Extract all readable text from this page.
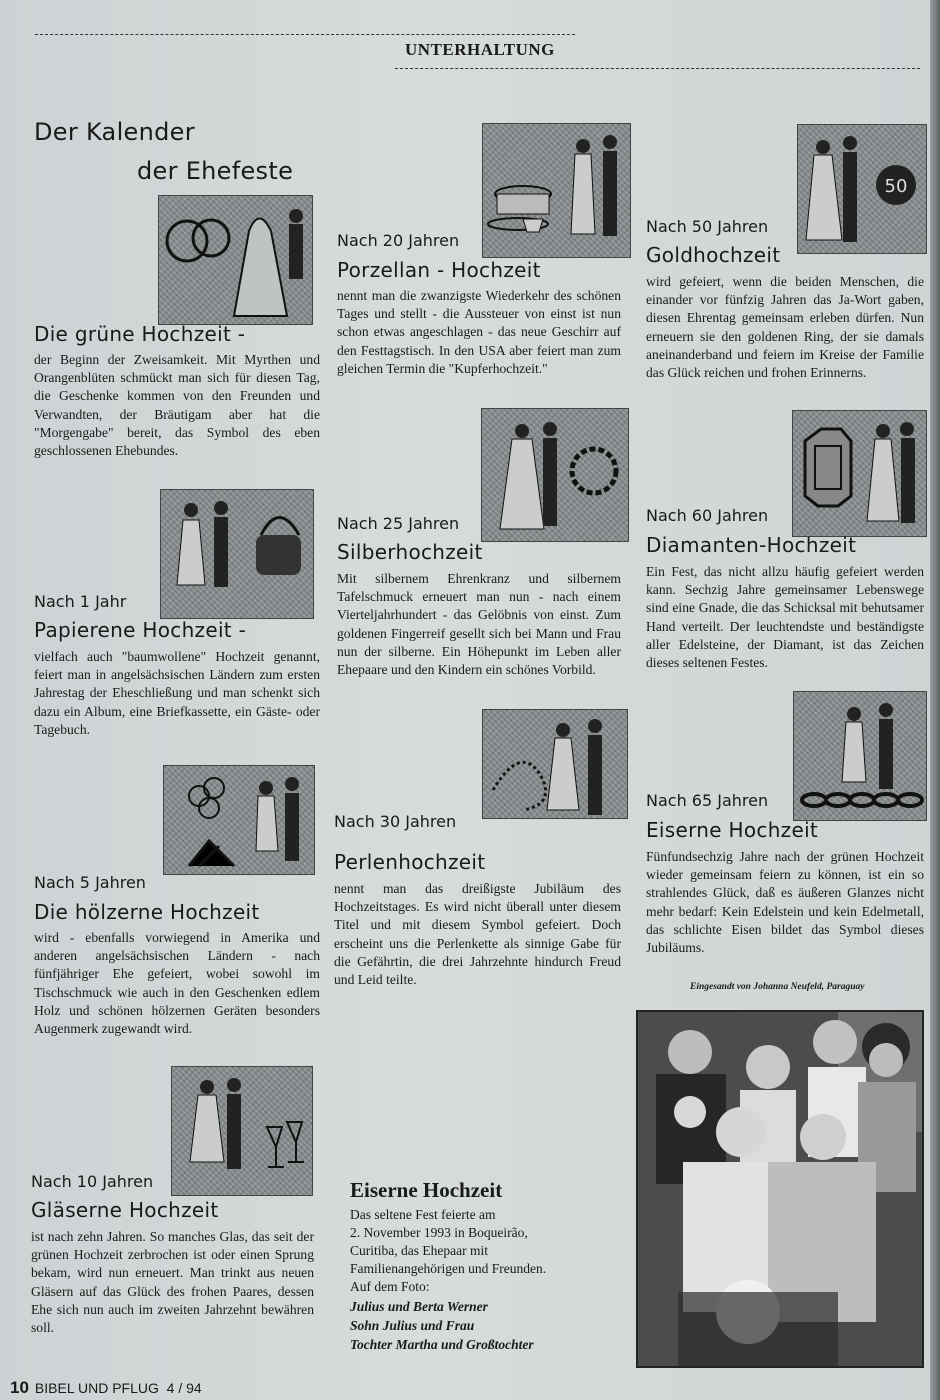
UNTERHALTUNG
Der Kalender
der Ehefeste
Die grüne Hochzeit -

der Beginn der Zweisamkeit. Mit Myrthen und Orangenblüten schmückt man sich für diesen Tag, die Geschenke kommen von den Freunden und Verwandten, der Bräutigam aber hat die "Morgengabe" bereit, das Symbol des eben geschlossenen Ehebundes.

Nach 1 Jahr
Papierene Hochzeit -

vielfach auch "baumwollene" Hochzeit genannt, feiert man in angelsächsischen Ländern zum ersten Jahrestag der Eheschließung und man schenkt sich dazu ein Album, eine Briefkassette, ein Gäste- oder Tagebuch.

Nach 5 Jahren
Die hölzerne Hochzeit

wird - ebenfalls vorwiegend in Amerika und anderen angelsächsischen Ländern - nach fünfjähriger Ehe gefeiert, wobei sowohl im Tischschmuck wie auch in den Geschenken edlem Holz und schönen hölzernen Geräten besonders Augenmerk zugewandt wird.

Nach 10 Jahren
Gläserne Hochzeit

ist nach zehn Jahren. So manches Glas, das seit der grünen Hochzeit zerbrochen ist oder einen Sprung bekam, wird nun erneuert. Man trinkt aus neuen Gläsern auf das Glück des frohen Paares, dessen Ehe sich nun auch im zweiten Jahrzehnt bewähren soll.

Nach 20 Jahren
Porzellan - Hochzeit

nennt man die zwanzigste Wiederkehr des schönen Tages und stellt - die Aussteuer von einst ist nun schon etwas angeschlagen - das neue Geschirr auf den Festtagstisch. In den USA aber feiert man zum gleichen Termin die "Kupferhochzeit."

Nach 25 Jahren
Silberhochzeit

Mit silbernem Ehrenkranz und silbernem Tafelschmuck erneuert man nun - nach einem Vierteljahrhundert - das Gelöbnis von einst. Zum goldenen Fingerreif gesellt sich bei Mann und Frau nun der silberne. Ein Höhepunkt im Leben aller Ehepaare und den Kindern ein schönes Vorbild.

Nach 30 Jahren
Perlenhochzeit

nennt man das dreißigste Jubiläum des Hochzeitstages. Es wird nicht überall unter diesem Titel und mit diesem Symbol gefeiert. Doch erscheint uns die Perlenkette als sinnige Gabe für die Gefährtin, die drei Jahrzehnte hindurch Freud und Leid teilte.

Eiserne Hochzeit
Das seltene Fest feierte am
2. November 1993 in Boqueirão,
Curitiba, das Ehepaar mit
Familienangehörigen und Freunden.
Auf dem Foto:
Julius und Berta Werner
Sohn Julius und Frau
Tochter Martha und Großtochter
50
Nach 50 Jahren
Goldhochzeit

wird gefeiert, wenn die beiden Menschen, die einander vor fünfzig Jahren das Ja-Wort gaben, diesen Ehrentag gemeinsam erleben dürfen. Nun erneuern sie den goldenen Ring, der sie damals aneinanderband und feiern im Kreise der Familie das Glück reichen und frohen Erinnerns.

Nach 60 Jahren
Diamanten-Hochzeit

Ein Fest, das nicht allzu häufig gefeiert werden kann. Sechzig Jahre gemeinsamer Lebenswege sind eine Gnade, die das Schicksal mit behutsamer Hand verteilt. Der leuchtendste und beständigste aller Edelsteine, der Diamant, ist das Zeichen dieses seltenen Festes.

Nach 65 Jahren
Eiserne Hochzeit

Fünfundsechzig Jahre nach der grünen Hochzeit wieder gemeinsam feiern zu können, ist ein so strahlendes Glück, daß es äußeren Glanzes nicht mehr bedarf: Kein Edelstein und kein Edelmetall, das schlichte Eisen bildet das Symbol dieses Jubiläums.

Eingesandt von Johanna Neufeld, Paraguay
10 BIBEL UND PFLUG 4 / 94
